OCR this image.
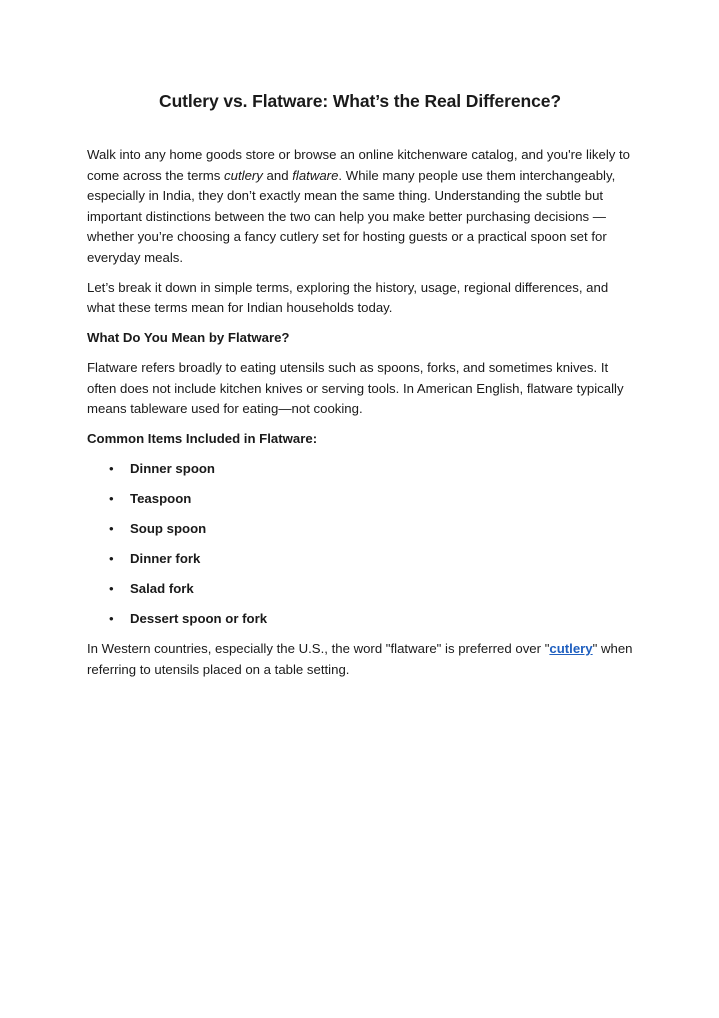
Cutlery vs. Flatware: What’s the Real Difference?

Walk into any home goods store or browse an online kitchenware catalog, and you're likely to come across the terms cutlery and flatware. While many people use them interchangeably, especially in India, they don’t exactly mean the same thing. Understanding the subtle but important distinctions between the two can help you make better purchasing decisions — whether you’re choosing a fancy cutlery set for hosting guests or a practical spoon set for everyday meals.

Let’s break it down in simple terms, exploring the history, usage, regional differences, and what these terms mean for Indian households today.

What Do You Mean by Flatware?

Flatware refers broadly to eating utensils such as spoons, forks, and sometimes knives. It often does not include kitchen knives or serving tools. In American English, flatware typically means tableware used for eating—not cooking.

Common Items Included in Flatware:

• Dinner spoon
• Teaspoon
• Soup spoon
• Dinner fork
• Salad fork
• Dessert spoon or fork

In Western countries, especially the U.S., the word "flatware" is preferred over "cutlery" when referring to utensils placed on a table setting.
